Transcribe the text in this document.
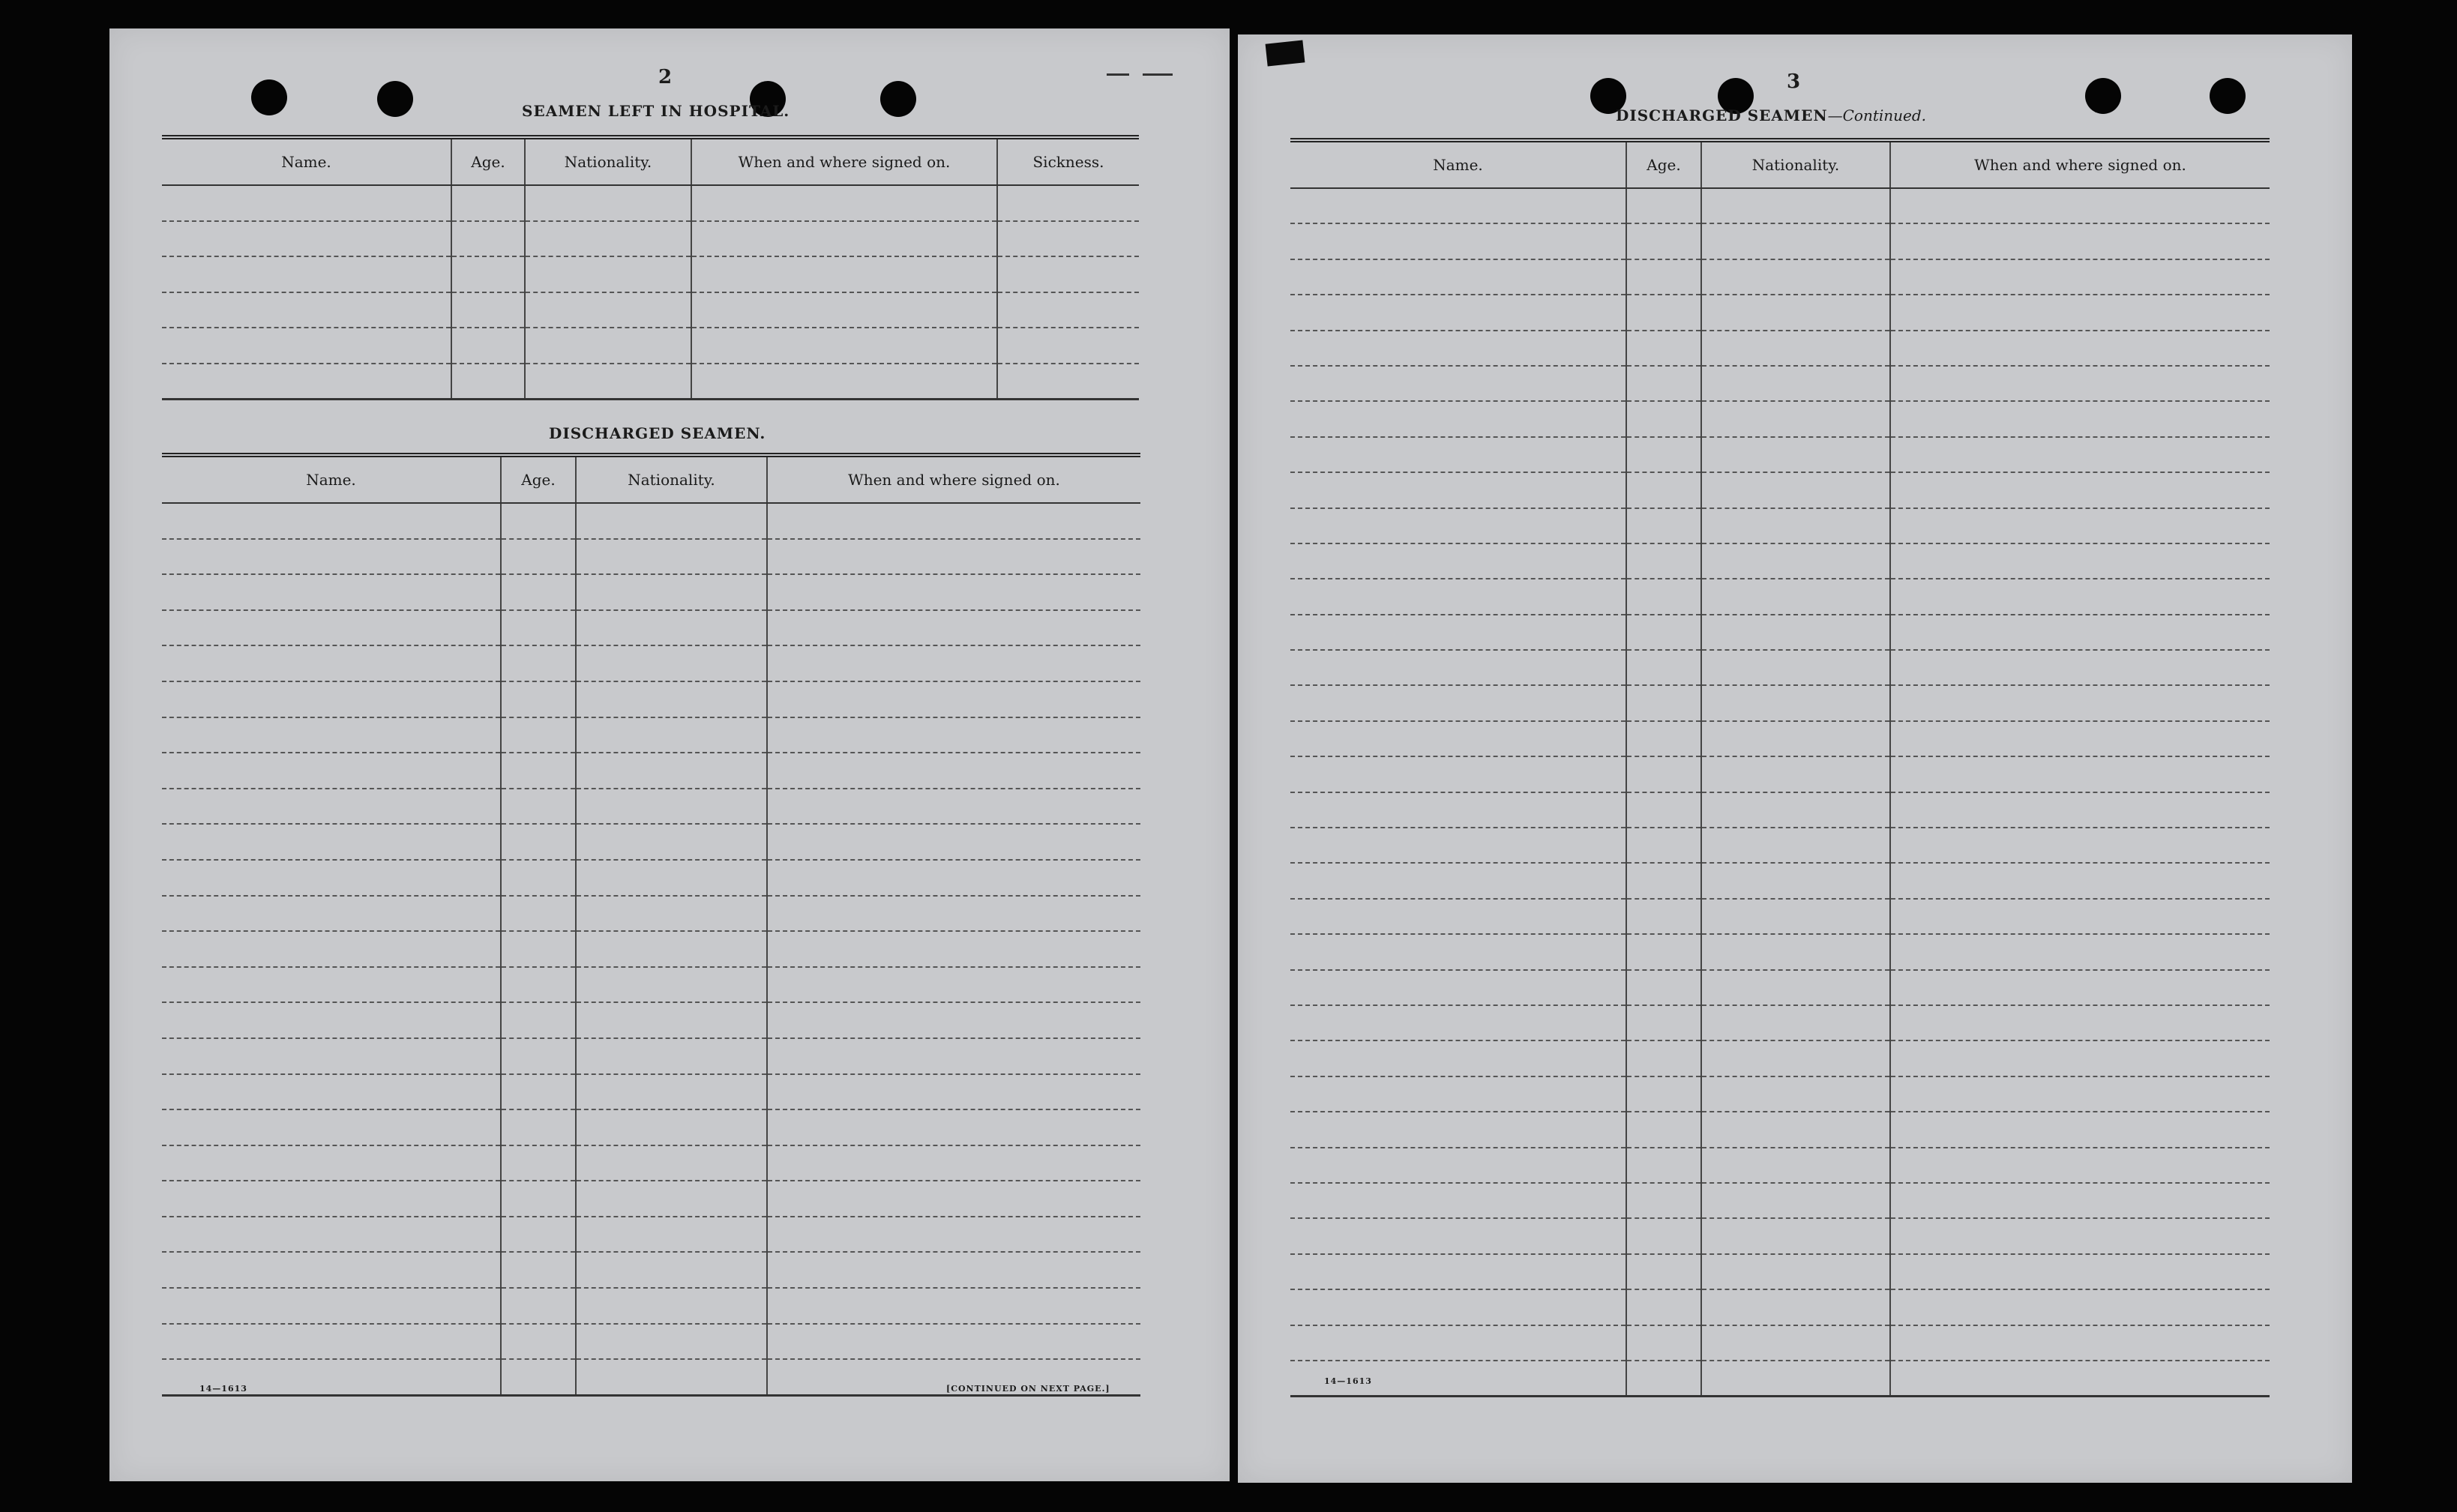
2
SEAMEN LEFT IN HOSPITAL.
Name.	Age.	Nationality.	When and where signed on.	Sickness.

DISCHARGED SEAMEN.
Name.	Age.	Nationality.	When and where signed on.

14—1613	[CONTINUED ON NEXT PAGE.]
3
DISCHARGED SEAMEN—Continued.
Name.	Age.	Nationality.	When and where signed on.

14—1613
